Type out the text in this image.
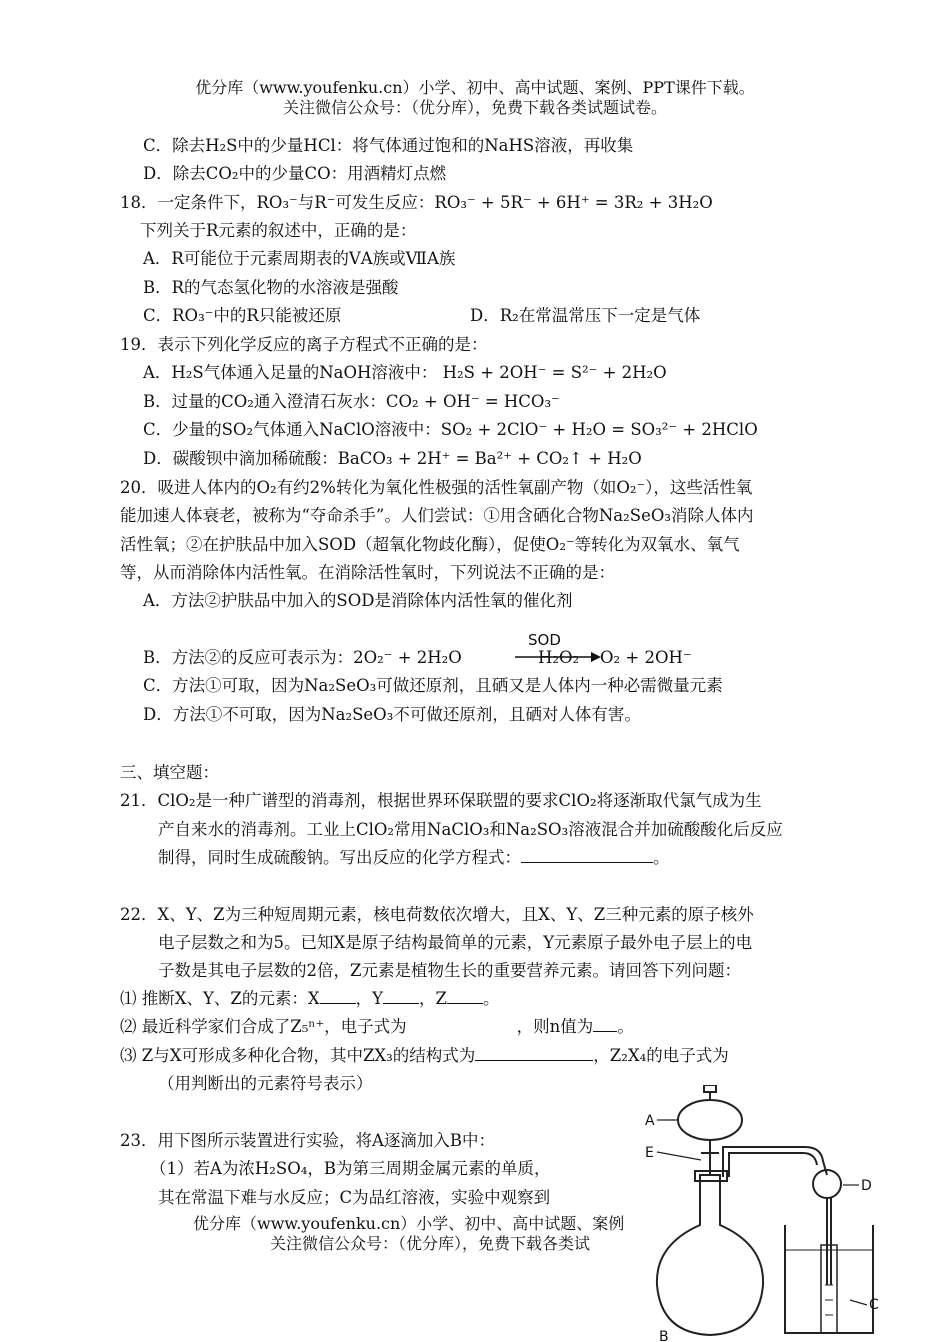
优分库（www.youfenku.cn）小学、初中、高中试题、案例、PPT课件下载。
关注微信公众号：（优分库），免费下载各类试题试卷。
C．除去H₂S中的少量HCl：将气体通过饱和的NaHS溶液，再收集
D．除去CO₂中的少量CO：用酒精灯点燃
18．一定条件下，RO₃⁻与R⁻可发生反应：RO₃⁻ + 5R⁻ + 6H⁺ = 3R₂ + 3H₂O
下列关于R元素的叙述中，正确的是：
A．R可能位于元素周期表的ⅤA族或ⅦA族
B．R的气态氢化物的水溶液是强酸
C．RO₃⁻中的R只能被还原	D．R₂在常温常压下一定是气体
19．表示下列化学反应的离子方程式不正确的是：
A．H₂S气体通入足量的NaOH溶液中： H₂S + 2OH⁻ = S²⁻ + 2H₂O
B．过量的CO₂通入澄清石灰水：CO₂ + OH⁻ = HCO₃⁻
C．少量的SO₂气体通入NaClO溶液中：SO₂ + 2ClO⁻ + H₂O = SO₃²⁻ + 2HClO
D．碳酸钡中滴加稀硫酸：BaCO₃ + 2H⁺ = Ba²⁺ + CO₂↑ + H₂O
20．吸进人体内的O₂有约2%转化为氧化性极强的活性氧副产物（如O₂⁻），这些活性氧
能加速人体衰老，被称为“夺命杀手”。人们尝试：①用含硒化合物Na₂SeO₃消除人体内
活性氧；②在护肤品中加入SOD（超氧化物歧化酶），促使O₂⁻等转化为双氧水、氧气
等，从而消除体内活性氧。在消除活性氧时，下列说法不正确的是：
A．方法②护肤品中加入的SOD是消除体内活性氧的催化剂
B．方法②的反应可表示为：2O₂⁻ + 2H₂O
SOD
H₂O₂ O₂ + 2OH⁻
C．方法①可取，因为Na₂SeO₃可做还原剂，且硒又是人体内一种必需微量元素
D．方法①不可取，因为Na₂SeO₃不可做还原剂，且硒对人体有害。
三、填空题：
21．ClO₂是一种广谱型的消毒剂，根据世界环保联盟的要求ClO₂将逐渐取代氯气成为生
产自来水的消毒剂。工业上ClO₂常用NaClO₃和Na₂SO₃溶液混合并加硫酸酸化后反应
制得，同时生成硫酸钠。写出反应的化学方程式：	。
22．X、Y、Z为三种短周期元素，核电荷数依次增大，且X、Y、Z三种元素的原子核外
电子层数之和为5。已知X是原子结构最简单的元素，Y元素原子最外电子层上的电
子数是其电子层数的2倍，Z元素是植物生长的重要营养元素。请回答下列问题：
⑴ 推断X、Y、Z的元素：X ，Y ，Z 。
⑵ 最近科学家们合成了Z₅ⁿ⁺，电子式为	，则n值为 。
⑶ Z与X可形成多种化合物，其中ZX₃的结构式为	，Z₂X₄的电子式为
（用判断出的元素符号表示）
23．用下图所示装置进行实验，将A逐滴加入B中：
（1）若A为浓H₂SO₄，B为第三周期金属元素的单质，
其在常温下难与水反应；C为品红溶液，实验中观察到
优分库（www.youfenku.cn）小学、初中、高中试题、案例
关注微信公众号：（优分库），免费下载各类试
A
E
D
C
B
